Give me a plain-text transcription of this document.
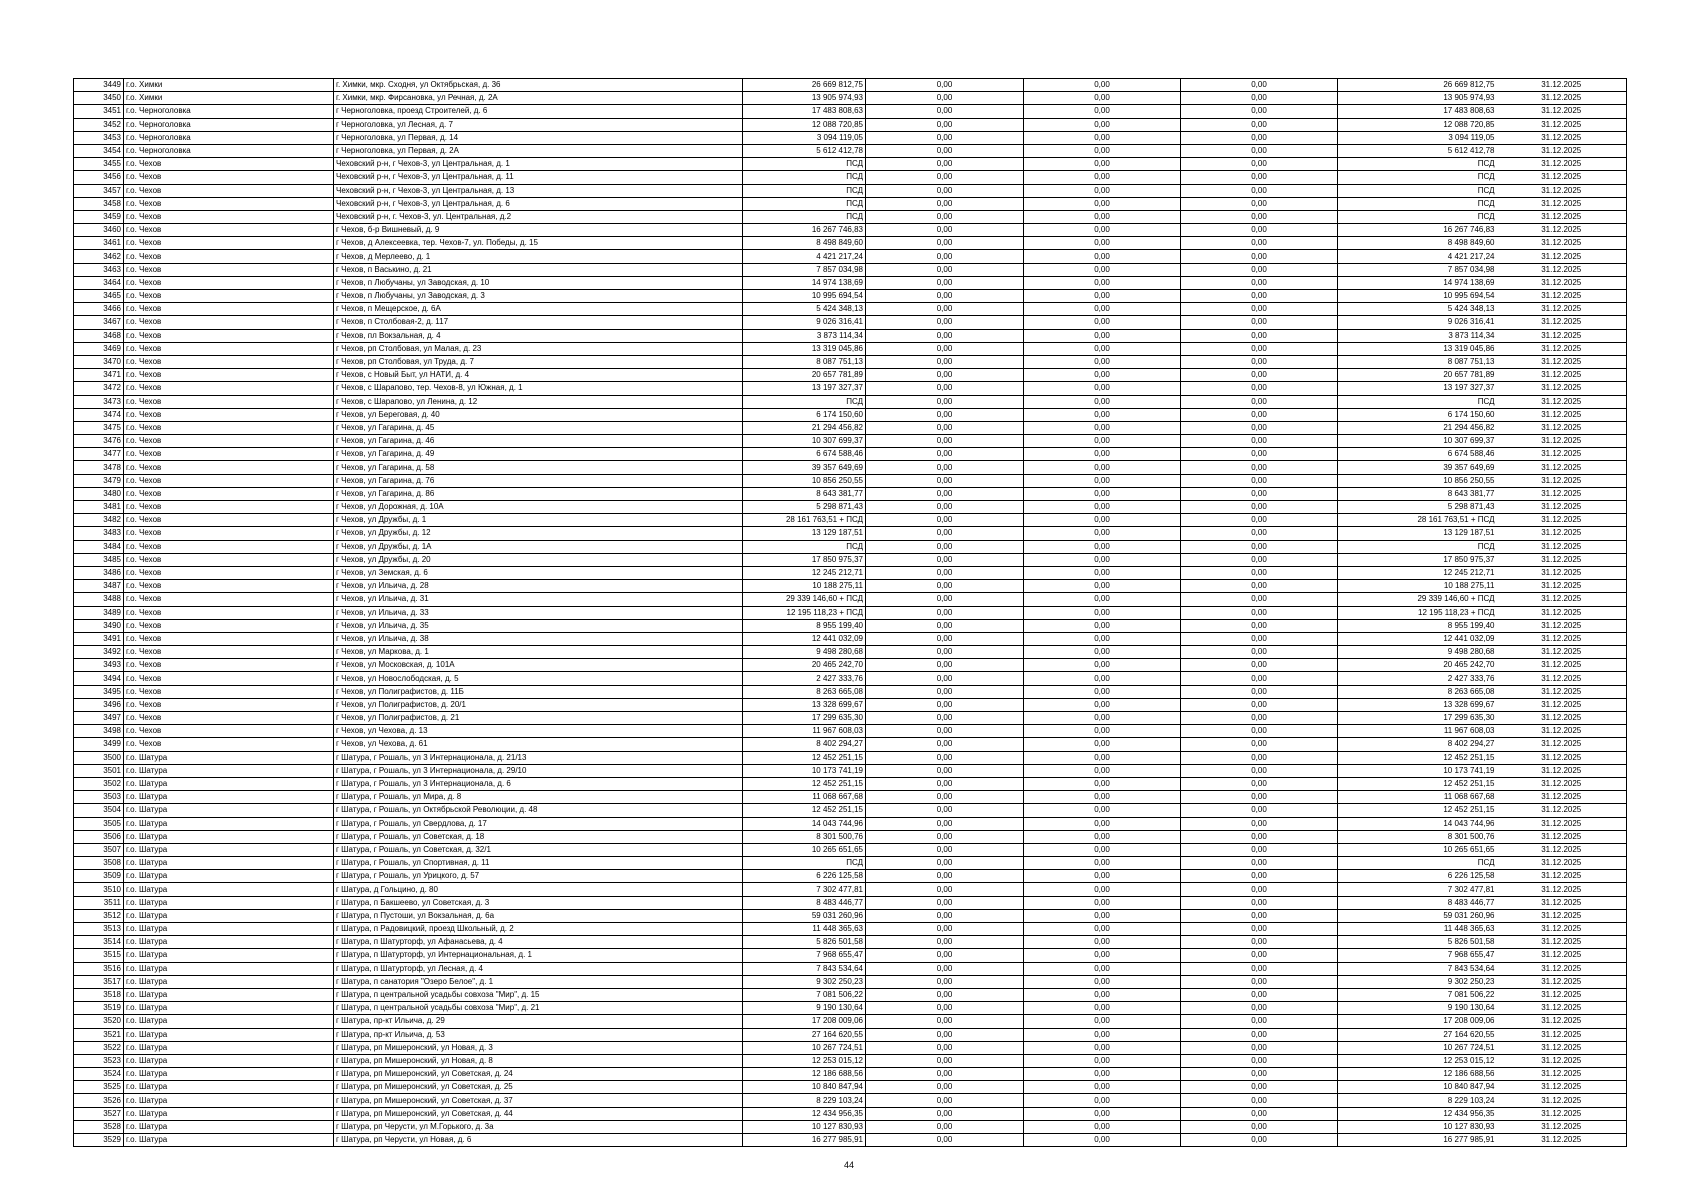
3449	г.о. Химки	г. Химки, мкр. Сходня, ул Октябрьская, д. 36	26 669 812,75	0,00	0,00	0,00	26 669 812,75	31.12.2025
3450	г.о. Химки	г. Химки, мкр. Фирсановка, ул Речная, д. 2А	13 905 974,93	0,00	0,00	0,00	13 905 974,93	31.12.2025
3451	г.о. Черноголовка	г Черноголовка, проезд Строителей, д. 6	17 483 808,63	0,00	0,00	0,00	17 483 808,63	31.12.2025
3452	г.о. Черноголовка	г Черноголовка, ул Лесная, д. 7	12 088 720,85	0,00	0,00	0,00	12 088 720,85	31.12.2025
3453	г.о. Черноголовка	г Черноголовка, ул Первая, д. 14	3 094 119,05	0,00	0,00	0,00	3 094 119,05	31.12.2025
3454	г.о. Черноголовка	г Черноголовка, ул Первая, д. 2А	5 612 412,78	0,00	0,00	0,00	5 612 412,78	31.12.2025
3455	г.о. Чехов	Чеховский р-н, г Чехов-3, ул Центральная, д. 1	ПСД	0,00	0,00	0,00	ПСД	31.12.2025
3456	г.о. Чехов	Чеховский р-н, г Чехов-3, ул Центральная, д. 11	ПСД	0,00	0,00	0,00	ПСД	31.12.2025
3457	г.о. Чехов	Чеховский р-н, г Чехов-3, ул Центральная, д. 13	ПСД	0,00	0,00	0,00	ПСД	31.12.2025
3458	г.о. Чехов	Чеховский р-н, г Чехов-3, ул Центральная, д. 6	ПСД	0,00	0,00	0,00	ПСД	31.12.2025
3459	г.о. Чехов	Чеховский р-н, г. Чехов-3, ул. Центральная, д.2	ПСД	0,00	0,00	0,00	ПСД	31.12.2025
3460	г.о. Чехов	г Чехов, б-р Вишневый, д. 9	16 267 746,83	0,00	0,00	0,00	16 267 746,83	31.12.2025
3461	г.о. Чехов	г Чехов, д Алексеевка, тер. Чехов-7, ул. Победы, д. 15	8 498 849,60	0,00	0,00	0,00	8 498 849,60	31.12.2025
3462	г.о. Чехов	г Чехов, д Мерлеево, д. 1	4 421 217,24	0,00	0,00	0,00	4 421 217,24	31.12.2025
3463	г.о. Чехов	г Чехов, п Васькино, д. 21	7 857 034,98	0,00	0,00	0,00	7 857 034,98	31.12.2025
3464	г.о. Чехов	г Чехов, п Любучаны, ул Заводская, д. 10	14 974 138,69	0,00	0,00	0,00	14 974 138,69	31.12.2025
3465	г.о. Чехов	г Чехов, п Любучаны, ул Заводская, д. 3	10 995 694,54	0,00	0,00	0,00	10 995 694,54	31.12.2025
3466	г.о. Чехов	г Чехов, п Мещерское, д. 6А	5 424 348,13	0,00	0,00	0,00	5 424 348,13	31.12.2025
3467	г.о. Чехов	г Чехов, п Столбовая-2, д. 117	9 026 316,41	0,00	0,00	0,00	9 026 316,41	31.12.2025
3468	г.о. Чехов	г Чехов, пл Вокзальная, д. 4	3 873 114,34	0,00	0,00	0,00	3 873 114,34	31.12.2025
3469	г.о. Чехов	г Чехов, рп Столбовая, ул Малая, д. 23	13 319 045,86	0,00	0,00	0,00	13 319 045,86	31.12.2025
3470	г.о. Чехов	г Чехов, рп Столбовая, ул Труда, д. 7	8 087 751,13	0,00	0,00	0,00	8 087 751,13	31.12.2025
3471	г.о. Чехов	г Чехов, с Новый Быт, ул НАТИ, д. 4	20 657 781,89	0,00	0,00	0,00	20 657 781,89	31.12.2025
3472	г.о. Чехов	г Чехов, с Шарапово, тер. Чехов-8, ул Южная, д. 1	13 197 327,37	0,00	0,00	0,00	13 197 327,37	31.12.2025
3473	г.о. Чехов	г Чехов, с Шарапово, ул Ленина, д. 12	ПСД	0,00	0,00	0,00	ПСД	31.12.2025
3474	г.о. Чехов	г Чехов, ул Береговая, д. 40	6 174 150,60	0,00	0,00	0,00	6 174 150,60	31.12.2025
3475	г.о. Чехов	г Чехов, ул Гагарина, д. 45	21 294 456,82	0,00	0,00	0,00	21 294 456,82	31.12.2025
3476	г.о. Чехов	г Чехов, ул Гагарина, д. 46	10 307 699,37	0,00	0,00	0,00	10 307 699,37	31.12.2025
3477	г.о. Чехов	г Чехов, ул Гагарина, д. 49	6 674 588,46	0,00	0,00	0,00	6 674 588,46	31.12.2025
3478	г.о. Чехов	г Чехов, ул Гагарина, д. 58	39 357 649,69	0,00	0,00	0,00	39 357 649,69	31.12.2025
3479	г.о. Чехов	г Чехов, ул Гагарина, д. 76	10 856 250,55	0,00	0,00	0,00	10 856 250,55	31.12.2025
3480	г.о. Чехов	г Чехов, ул Гагарина, д. 86	8 643 381,77	0,00	0,00	0,00	8 643 381,77	31.12.2025
3481	г.о. Чехов	г Чехов, ул Дорожная, д. 10А	5 298 871,43	0,00	0,00	0,00	5 298 871,43	31.12.2025
3482	г.о. Чехов	г Чехов, ул Дружбы, д. 1	28 161 763,51 + ПСД	0,00	0,00	0,00	28 161 763,51 + ПСД	31.12.2025
3483	г.о. Чехов	г Чехов, ул Дружбы, д. 12	13 129 187,51	0,00	0,00	0,00	13 129 187,51	31.12.2025
3484	г.о. Чехов	г Чехов, ул Дружбы, д. 1А	ПСД	0,00	0,00	0,00	ПСД	31.12.2025
3485	г.о. Чехов	г Чехов, ул Дружбы, д. 20	17 850 975,37	0,00	0,00	0,00	17 850 975,37	31.12.2025
3486	г.о. Чехов	г Чехов, ул Земская, д. 6	12 245 212,71	0,00	0,00	0,00	12 245 212,71	31.12.2025
3487	г.о. Чехов	г Чехов, ул Ильича, д. 28	10 188 275,11	0,00	0,00	0,00	10 188 275,11	31.12.2025
3488	г.о. Чехов	г Чехов, ул Ильича, д. 31	29 339 146,60 + ПСД	0,00	0,00	0,00	29 339 146,60 + ПСД	31.12.2025
3489	г.о. Чехов	г Чехов, ул Ильича, д. 33	12 195 118,23 + ПСД	0,00	0,00	0,00	12 195 118,23 + ПСД	31.12.2025
3490	г.о. Чехов	г Чехов, ул Ильича, д. 35	8 955 199,40	0,00	0,00	0,00	8 955 199,40	31.12.2025
3491	г.о. Чехов	г Чехов, ул Ильича, д. 38	12 441 032,09	0,00	0,00	0,00	12 441 032,09	31.12.2025
3492	г.о. Чехов	г Чехов, ул Маркова, д. 1	9 498 280,68	0,00	0,00	0,00	9 498 280,68	31.12.2025
3493	г.о. Чехов	г Чехов, ул Московская, д. 101А	20 465 242,70	0,00	0,00	0,00	20 465 242,70	31.12.2025
3494	г.о. Чехов	г Чехов, ул Новослободская, д. 5	2 427 333,76	0,00	0,00	0,00	2 427 333,76	31.12.2025
3495	г.о. Чехов	г Чехов, ул Полиграфистов, д. 11Б	8 263 665,08	0,00	0,00	0,00	8 263 665,08	31.12.2025
3496	г.о. Чехов	г Чехов, ул Полиграфистов, д. 20/1	13 328 699,67	0,00	0,00	0,00	13 328 699,67	31.12.2025
3497	г.о. Чехов	г Чехов, ул Полиграфистов, д. 21	17 299 635,30	0,00	0,00	0,00	17 299 635,30	31.12.2025
3498	г.о. Чехов	г Чехов, ул Чехова, д. 13	11 967 608,03	0,00	0,00	0,00	11 967 608,03	31.12.2025
3499	г.о. Чехов	г Чехов, ул Чехова, д. 61	8 402 294,27	0,00	0,00	0,00	8 402 294,27	31.12.2025
3500	г.о. Шатура	г Шатура, г Рошаль, ул 3 Интернационала, д. 21/13	12 452 251,15	0,00	0,00	0,00	12 452 251,15	31.12.2025
3501	г.о. Шатура	г Шатура, г Рошаль, ул 3 Интернационала, д. 29/10	10 173 741,19	0,00	0,00	0,00	10 173 741,19	31.12.2025
3502	г.о. Шатура	г Шатура, г Рошаль, ул 3 Интернационала, д. 6	12 452 251,15	0,00	0,00	0,00	12 452 251,15	31.12.2025
3503	г.о. Шатура	г Шатура, г Рошаль, ул Мира, д. 8	11 068 667,68	0,00	0,00	0,00	11 068 667,68	31.12.2025
3504	г.о. Шатура	г Шатура, г Рошаль, ул Октябрьской Революции, д. 48	12 452 251,15	0,00	0,00	0,00	12 452 251,15	31.12.2025
3505	г.о. Шатура	г Шатура, г Рошаль, ул Свердлова, д. 17	14 043 744,96	0,00	0,00	0,00	14 043 744,96	31.12.2025
3506	г.о. Шатура	г Шатура, г Рошаль, ул Советская, д. 18	8 301 500,76	0,00	0,00	0,00	8 301 500,76	31.12.2025
3507	г.о. Шатура	г Шатура, г Рошаль, ул Советская, д. 32/1	10 265 651,65	0,00	0,00	0,00	10 265 651,65	31.12.2025
3508	г.о. Шатура	г Шатура, г Рошаль, ул Спортивная, д. 11	ПСД	0,00	0,00	0,00	ПСД	31.12.2025
3509	г.о. Шатура	г Шатура, г Рошаль, ул Урицкого, д. 57	6 226 125,58	0,00	0,00	0,00	6 226 125,58	31.12.2025
3510	г.о. Шатура	г Шатура, д Гольцино, д. 80	7 302 477,81	0,00	0,00	0,00	7 302 477,81	31.12.2025
3511	г.о. Шатура	г Шатура, п Бакшеево, ул Советская, д. 3	8 483 446,77	0,00	0,00	0,00	8 483 446,77	31.12.2025
3512	г.о. Шатура	г Шатура, п Пустоши, ул Вокзальная, д. 6а	59 031 260,96	0,00	0,00	0,00	59 031 260,96	31.12.2025
3513	г.о. Шатура	г Шатура, п Радовицкий, проезд Школьный, д. 2	11 448 365,63	0,00	0,00	0,00	11 448 365,63	31.12.2025
3514	г.о. Шатура	г Шатура, п Шатурторф, ул Афанасьева, д. 4	5 826 501,58	0,00	0,00	0,00	5 826 501,58	31.12.2025
3515	г.о. Шатура	г Шатура, п Шатурторф, ул Интернациональная, д. 1	7 968 655,47	0,00	0,00	0,00	7 968 655,47	31.12.2025
3516	г.о. Шатура	г Шатура, п Шатурторф, ул Лесная, д. 4	7 843 534,64	0,00	0,00	0,00	7 843 534,64	31.12.2025
3517	г.о. Шатура	г Шатура, п санатория "Озеро Белое", д. 1	9 302 250,23	0,00	0,00	0,00	9 302 250,23	31.12.2025
3518	г.о. Шатура	г Шатура, п центральной усадьбы совхоза "Мир", д. 15	7 081 506,22	0,00	0,00	0,00	7 081 506,22	31.12.2025
3519	г.о. Шатура	г Шатура, п центральной усадьбы совхоза "Мир", д. 21	9 190 130,64	0,00	0,00	0,00	9 190 130,64	31.12.2025
3520	г.о. Шатура	г Шатура, пр-кт Ильича, д. 29	17 208 009,06	0,00	0,00	0,00	17 208 009,06	31.12.2025
3521	г.о. Шатура	г Шатура, пр-кт Ильича, д. 53	27 164 620,55	0,00	0,00	0,00	27 164 620,55	31.12.2025
3522	г.о. Шатура	г Шатура, рп Мишеронский, ул Новая, д. 3	10 267 724,51	0,00	0,00	0,00	10 267 724,51	31.12.2025
3523	г.о. Шатура	г Шатура, рп Мишеронский, ул Новая, д. 8	12 253 015,12	0,00	0,00	0,00	12 253 015,12	31.12.2025
3524	г.о. Шатура	г Шатура, рп Мишеронский, ул Советская, д. 24	12 186 688,56	0,00	0,00	0,00	12 186 688,56	31.12.2025
3525	г.о. Шатура	г Шатура, рп Мишеронский, ул Советская, д. 25	10 840 847,94	0,00	0,00	0,00	10 840 847,94	31.12.2025
3526	г.о. Шатура	г Шатура, рп Мишеронский, ул Советская, д. 37	8 229 103,24	0,00	0,00	0,00	8 229 103,24	31.12.2025
3527	г.о. Шатура	г Шатура, рп Мишеронский, ул Советская, д. 44	12 434 956,35	0,00	0,00	0,00	12 434 956,35	31.12.2025
3528	г.о. Шатура	г Шатура, рп Черусти, ул М.Горького, д. 3а	10 127 830,93	0,00	0,00	0,00	10 127 830,93	31.12.2025
3529	г.о. Шатура	г Шатура, рп Черусти, ул Новая, д. 6	16 277 985,91	0,00	0,00	0,00	16 277 985,91	31.12.2025
44
